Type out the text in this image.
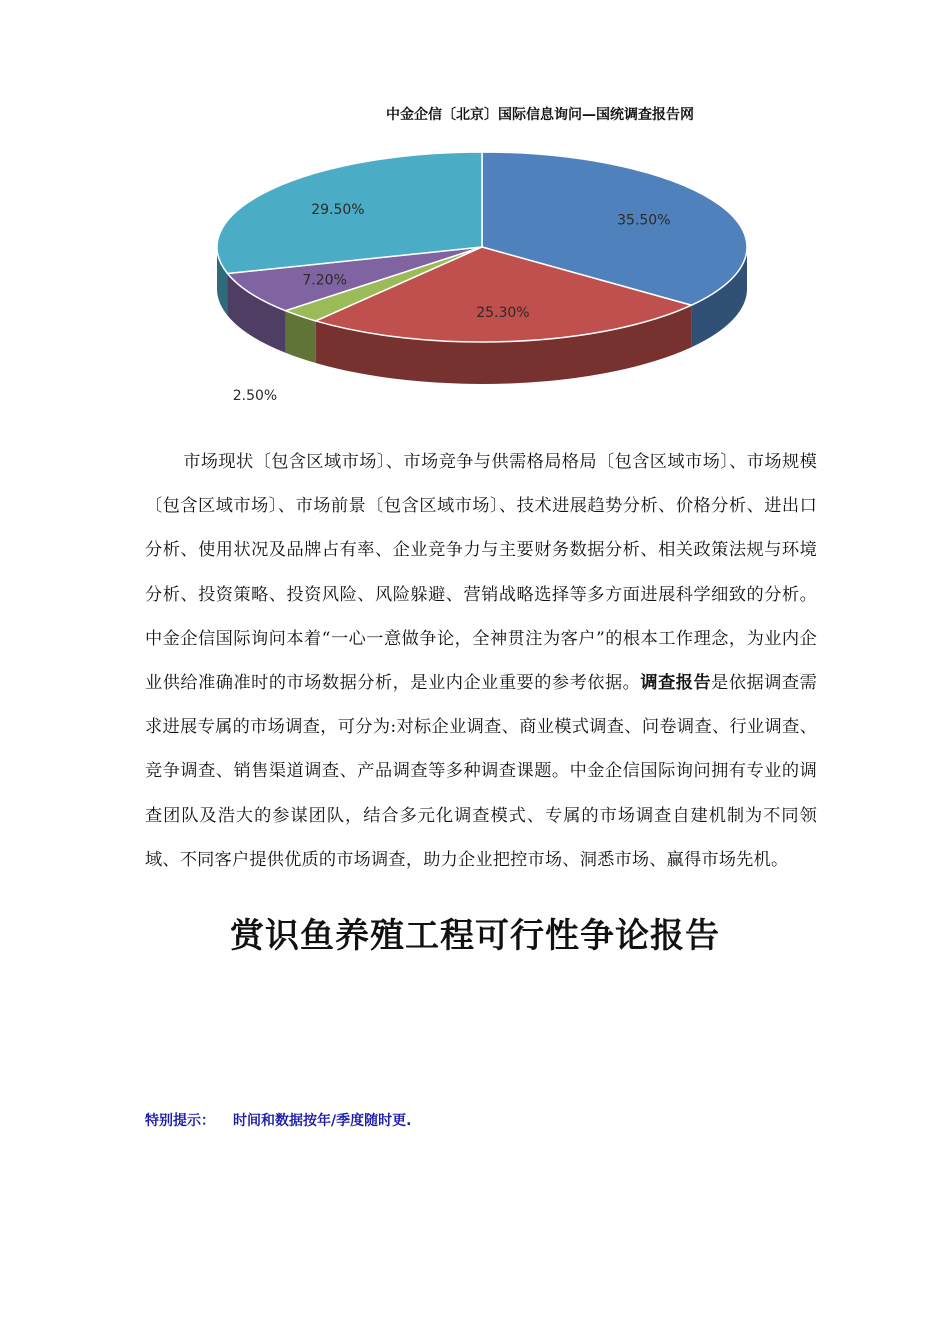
中金企信〔北京〕国际信息询问—国统调查报告网
35.50%
25.30%
2.50%
7.20%
29.50%

市场现状〔包含区域市场〕、市场竞争与供需格局格局〔包含区域市场〕、市场规模〔包含区域市场〕、市场前景〔包含区域市场〕、技术进展趋势分析、价格分析、进出口分析、使用状况及品牌占有率、企业竞争力与主要财务数据分析、相关政策法规与环境分析、投资策略、投资风险、风险躲避、营销战略选择等多方面进展科学细致的分析。中金企信国际询问本着“一心一意做争论，全神贯注为客户”的根本工作理念，为业内企业供给准确准时的市场数据分析，是业内企业重要的参考依据。调查报告是依据调查需求进展专属的市场调查，可分为:对标企业调查、商业模式调查、问卷调查、行业调查、竞争调查、销售渠道调查、产品调查等多种调查课题。中金企信国际询问拥有专业的调查团队及浩大的参谋团队，结合多元化调查模式、专属的市场调查自建机制为不同领域、不同客户提供优质的市场调查，助力企业把控市场、洞悉市场、赢得市场先机。

赏识鱼养殖工程可行性争论报告
特别提示： 时间和数据按年/季度随时更.
